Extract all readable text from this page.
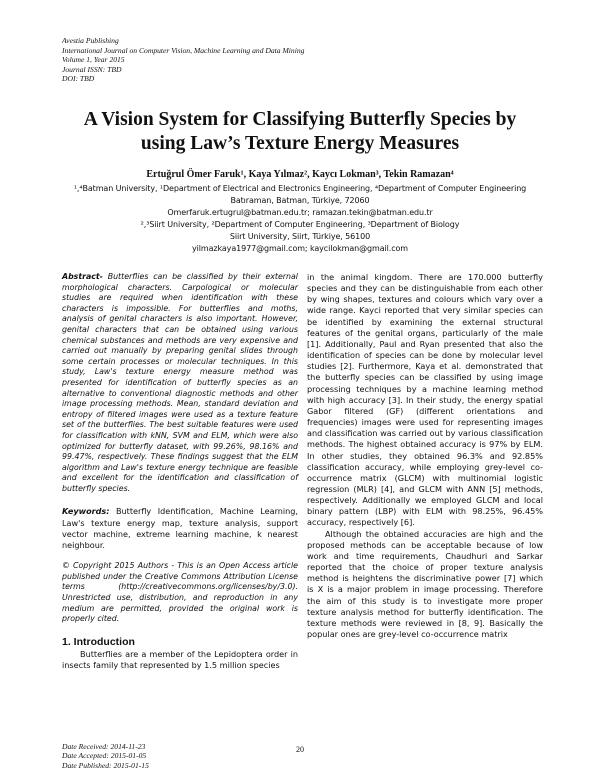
Avestia Publishing
International Journal on Computer Vision, Machine Learning and Data Mining
Volume 1, Year 2015
Journal ISSN: TBD
DOI: TBD
A Vision System for Classifying Butterfly Species by
using Law’s Texture Energy Measures
Ertuğrul Ömer Faruk¹, Kaya Yılmaz², Kaycı Lokman³, Tekin Ramazan⁴
¹,⁴Batman University, ¹Department of Electrical and Electronics Engineering, ⁴Department of Computer Engineering
Batıraman, Batman, Türkiye, 72060
Omerfaruk.ertugrul@batman.edu.tr; ramazan.tekin@batman.edu.tr
²,³Siirt University, ²Department of Computer Engineering, ³Department of Biology
Siirt University, Siirt, Türkiye, 56100
yilmazkaya1977@gmail.com; kaycilokman@gmail.com

Abstract- Butterflies can be classified by their external morphological characters. Carpological or molecular studies are required when identification with these characters is impossible. For butterflies and moths, analysis of genital characters is also important. However, genital characters that can be obtained using various chemical substances and methods are very expensive and carried out manually by preparing genital slides through some certain processes or molecular techniques. In this study, Law's texture energy measure method was presented for identification of butterfly species as an alternative to conventional diagnostic methods and other image processing methods. Mean, standard deviation and entropy of filtered images were used as a texture feature set of the butterflies. The best suitable features were used for classification with kNN, SVM and ELM, which were also optimized for butterfly dataset, with 99.26%, 98.16% and 99.47%, respectively. These findings suggest that the ELM algorithm and Law's texture energy technique are feasible and excellent for the identification and classification of butterfly species.

Keywords: Butterfly Identification, Machine Learning, Law's texture energy map, texture analysis, support vector machine, extreme learning machine, k nearest neighbour.

© Copyright 2015 Authors - This is an Open Access article published under the Creative Commons Attribution License terms (http://creativecommons.org/licenses/by/3.0). Unrestricted use, distribution, and reproduction in any medium are permitted, provided the original work is properly cited.

1. Introduction

Butterflies are a member of the Lepidoptera order in insects family that represented by 1.5 million species

in the animal kingdom. There are 170.000 butterfly species and they can be distinguishable from each other by wing shapes, textures and colours which vary over a wide range. Kayci reported that very similar species can be identified by examining the external structural features of the genital organs, particularly of the male [1]. Additionally, Paul and Ryan presented that also the identification of species can be done by molecular level studies [2]. Furthermore, Kaya et al. demonstrated that the butterfly species can be classified by using image processing techniques by a machine learning method with high accuracy [3]. In their study, the energy spatial Gabor filtered (GF) (different orientations and frequencies) images were used for representing images and classification was carried out by various classification methods. The highest obtained accuracy is 97% by ELM. In other studies, they obtained 96.3% and 92.85% classification accuracy, while employing grey-level co-occurrence matrix (GLCM) with multinomial logistic regression (MLR) [4], and GLCM with ANN [5] methods, respectively. Additionally we employed GLCM and local binary pattern (LBP) with ELM with 98.25%, 96.45% accuracy, respectively [6].

Although the obtained accuracies are high and the proposed methods can be acceptable because of low work and time requirements, Chaudhuri and Sarkar reported that the choice of proper texture analysis method is heightens the discriminative power [7] which is X is a major problem in image processing. Therefore the aim of this study is to investigate more proper texture analysis method for butterfly identification. The texture methods were reviewed in [8, 9]. Basically the popular ones are grey-level co-occurrence matrix

20
Date Received: 2014-11-23
Date Accepted: 2015-01-05
Date Published: 2015-01-15
